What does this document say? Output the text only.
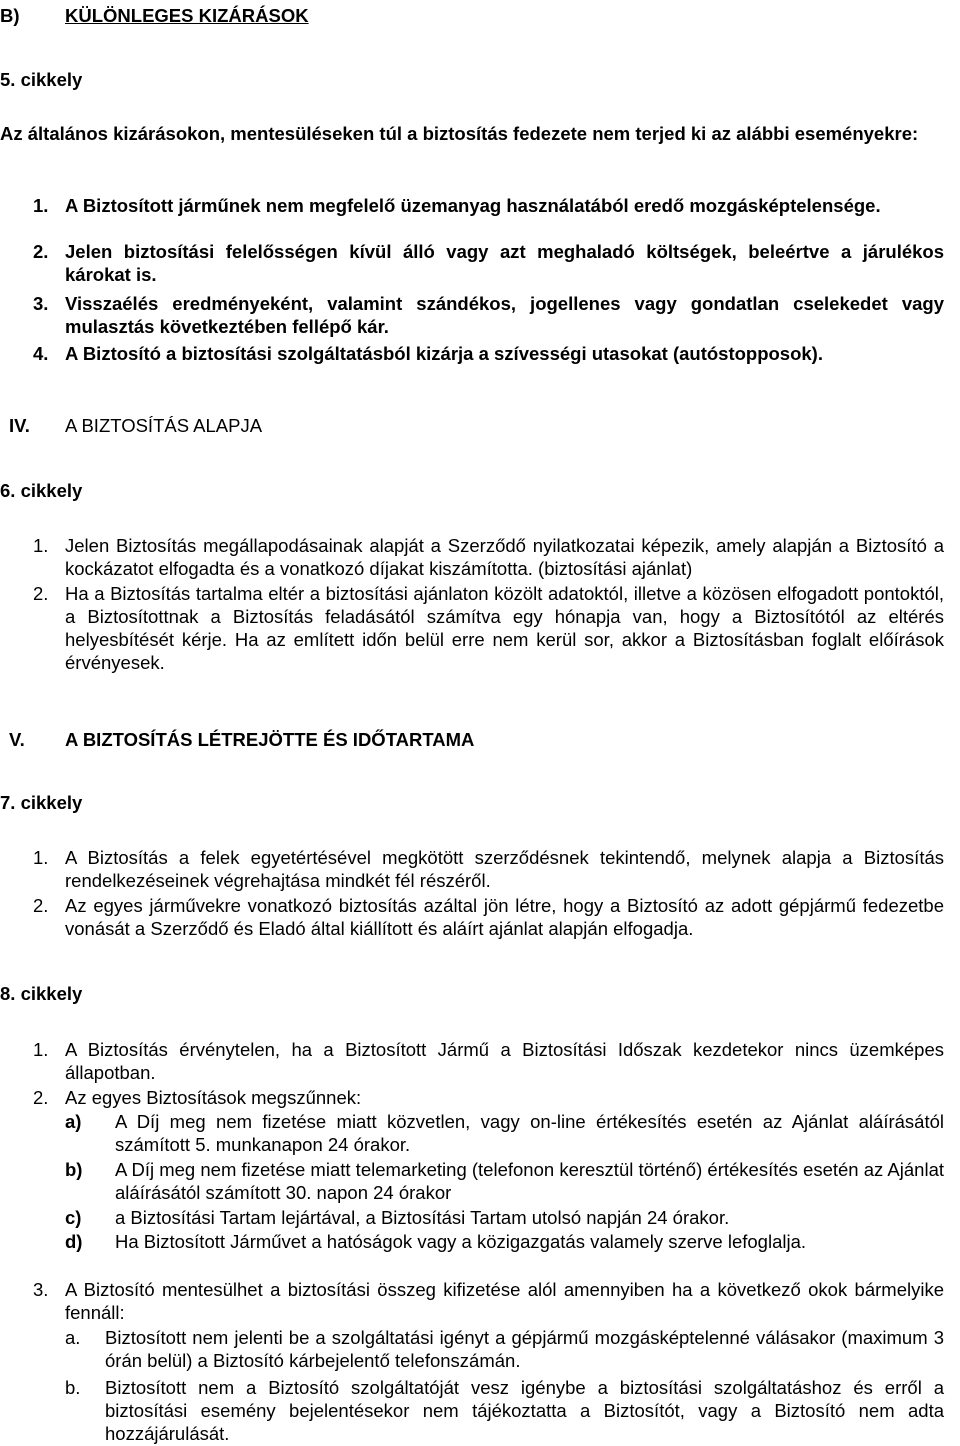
B) KÜLÖNLEGES KIZÁRÁSOK
5. cikkely
Az általános kizárásokon, mentesüléseken túl a biztosítás fedezete nem terjed ki az alábbi eseményekre:
1. A Biztosított járműnek nem megfelelő üzemanyag használatából eredő mozgásképtelensége.
2. Jelen biztosítási felelősségen kívül álló vagy azt meghaladó költségek, beleértve a járulékos károkat is.
3. Visszaélés eredményeként, valamint szándékos, jogellenes vagy gondatlan cselekedet vagy mulasztás következtében fellépő kár.
4. A Biztosító a biztosítási szolgáltatásból kizárja a szívességi utasokat (autóstopposok).
IV. A BIZTOSÍTÁS ALAPJA
6. cikkely
1. Jelen Biztosítás megállapodásainak alapját a Szerződő nyilatkozatai képezik, amely alapján a Biztosító a kockázatot elfogadta és a vonatkozó díjakat kiszámította. (biztosítási ajánlat)
2. Ha a Biztosítás tartalma eltér a biztosítási ajánlaton közölt adatoktól, illetve a közösen elfogadott pontoktól, a Biztosítottnak a Biztosítás feladásától számítva egy hónapja van, hogy a Biztosítótól az eltérés helyesbítését kérje. Ha az említett időn belül erre nem kerül sor, akkor a Biztosításban foglalt előírások érvényesek.
V. A BIZTOSÍTÁS LÉTREJÖTTE ÉS IDŐTARTAMA
7. cikkely
1. A Biztosítás a felek egyetértésével megkötött szerződésnek tekintendő, melynek alapja a Biztosítás rendelkezéseinek végrehajtása mindkét fél részéről.
2. Az egyes járművekre vonatkozó biztosítás azáltal jön létre, hogy a Biztosító az adott gépjármű fedezetbe vonását a Szerződő és Eladó által kiállított és aláírt ajánlat alapján elfogadja.
8. cikkely
1. A Biztosítás érvénytelen, ha a Biztosított Jármű a Biztosítási Időszak kezdetekor nincs üzemképes állapotban.
2. Az egyes Biztosítások megszűnnek:
a) A Díj meg nem fizetése miatt közvetlen, vagy on-line értékesítés esetén az Ajánlat aláírásától számított 5. munkanapon 24 órakor.
b) A Díj meg nem fizetése miatt telemarketing (telefonon keresztül történő) értékesítés esetén az Ajánlat aláírásától számított 30. napon 24 órakor
c) a Biztosítási Tartam lejártával, a Biztosítási Tartam utolsó napján 24 órakor.
d) Ha Biztosított Járművet a hatóságok vagy a közigazgatás valamely szerve lefoglalja.
3. A Biztosító mentesülhet a biztosítási összeg kifizetése alól amennyiben ha a következő okok bármelyike fennáll:
a. Biztosított nem jelenti be a szolgáltatási igényt a gépjármű mozgásképtelenné válásakor (maximum 3 órán belül) a Biztosító kárbejelentő telefonszámán.
b. Biztosított nem a Biztosító szolgáltatóját vesz igénybe a biztosítási szolgáltatáshoz és erről a biztosítási esemény bejelentésekor nem tájékoztatta a Biztosítót, vagy a Biztosító nem adta hozzájárulását.
